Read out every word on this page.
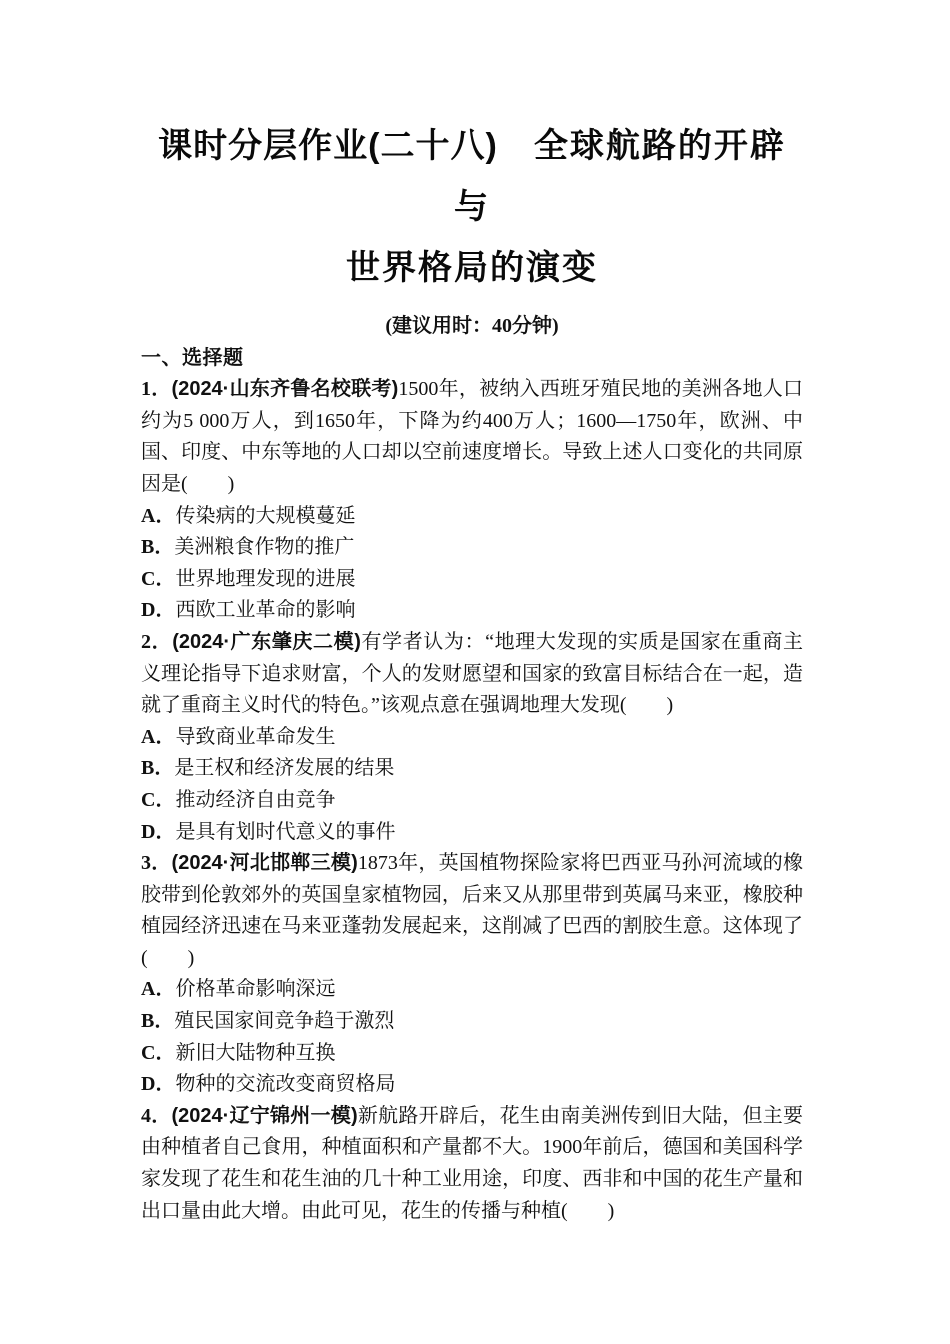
课时分层作业(二十八)　 全球航路的开辟与
世界格局的演变

(建议用时：40分钟)

一、选择题

1．(2024·山东齐鲁名校联考)1500年，被纳入西班牙殖民地的美洲各地人口约为5 000万人，到1650年，下降为约400万人；1600—1750年，欧洲、中国、印度、中东等地的人口却以空前速度增长。导致上述人口变化的共同原因是(　　)

A．传染病的大规模蔓延

B．美洲粮食作物的推广

C．世界地理发现的进展

D．西欧工业革命的影响

2．(2024·广东肇庆二模)有学者认为：“地理大发现的实质是国家在重商主义理论指导下追求财富，个人的发财愿望和国家的致富目标结合在一起，造就了重商主义时代的特色。”该观点意在强调地理大发现(　　)

A．导致商业革命发生

B．是王权和经济发展的结果

C．推动经济自由竞争

D．是具有划时代意义的事件

3．(2024·河北邯郸三模)1873年，英国植物探险家将巴西亚马孙河流域的橡胶带到伦敦郊外的英国皇家植物园，后来又从那里带到英属马来亚，橡胶种植园经济迅速在马来亚蓬勃发展起来，这削减了巴西的割胶生意。这体现了(　　)

A．价格革命影响深远

B．殖民国家间竞争趋于激烈

C．新旧大陆物种互换

D．物种的交流改变商贸格局

4．(2024·辽宁锦州一模)新航路开辟后，花生由南美洲传到旧大陆，但主要由种植者自己食用，种植面积和产量都不大。1900年前后，德国和美国科学家发现了花生和花生油的几十种工业用途，印度、西非和中国的花生产量和出口量由此大增。由此可见，花生的传播与种植(　　)
